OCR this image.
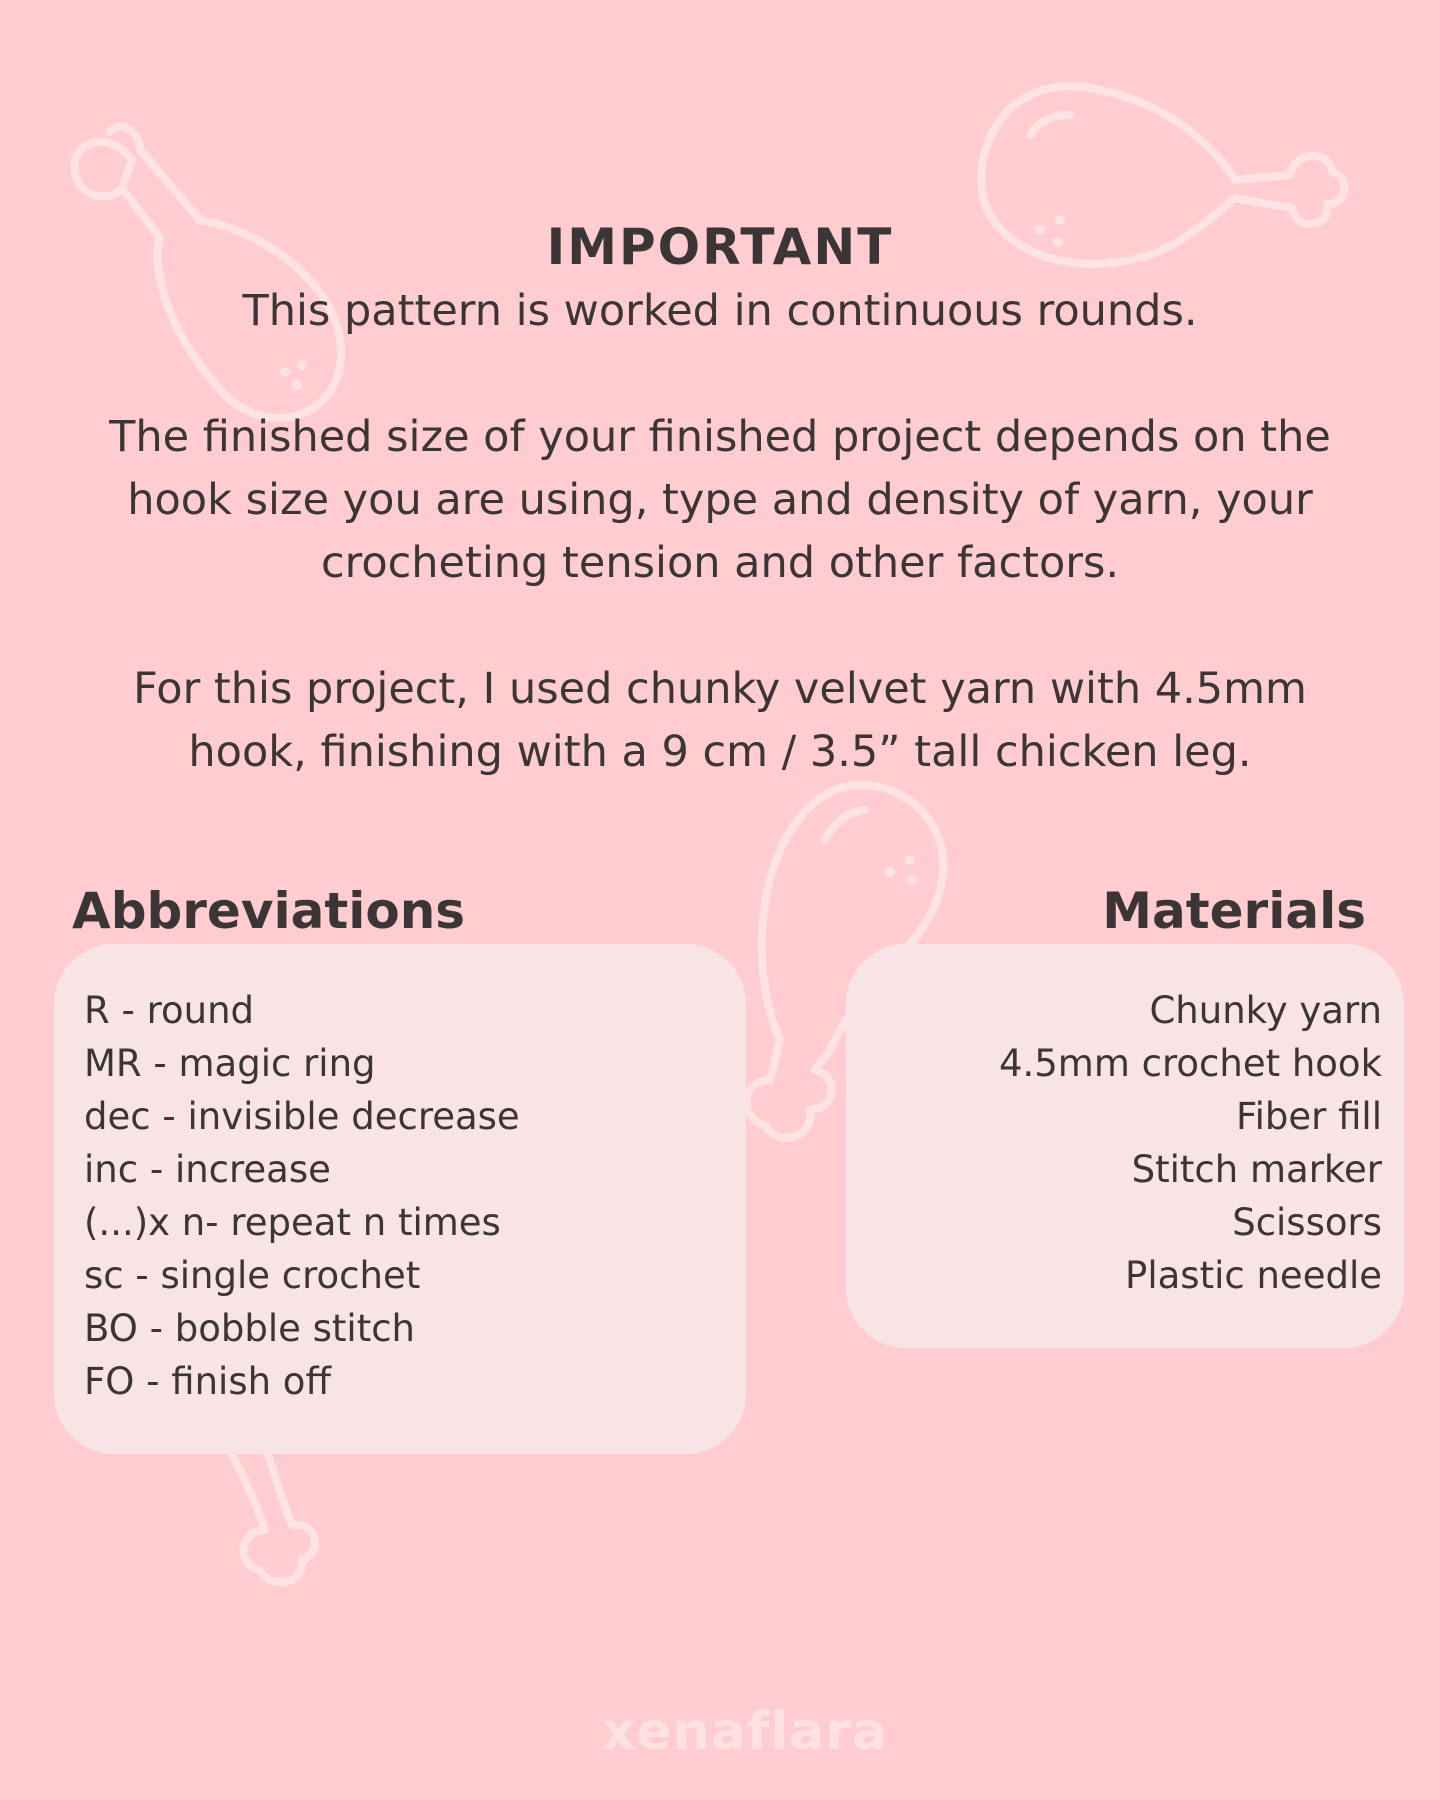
IMPORTANT
This pattern is worked in continuous rounds.
The finished size of your finished project depends on the
hook size you are using, type and density of yarn, your
crocheting tension and other factors.
For this project, I used chunky velvet yarn with 4.5mm
hook, finishing with a 9 cm / 3.5” tall chicken leg.
Abbreviations
R - round
MR - magic ring
dec - invisible decrease
inc - increase
(...)x n- repeat n times
sc - single crochet
BO - bobble stitch
FO - finish off
Materials
Chunky yarn
4.5mm crochet hook
Fiber fill
Stitch marker
Scissors
Plastic needle
xenaflara
